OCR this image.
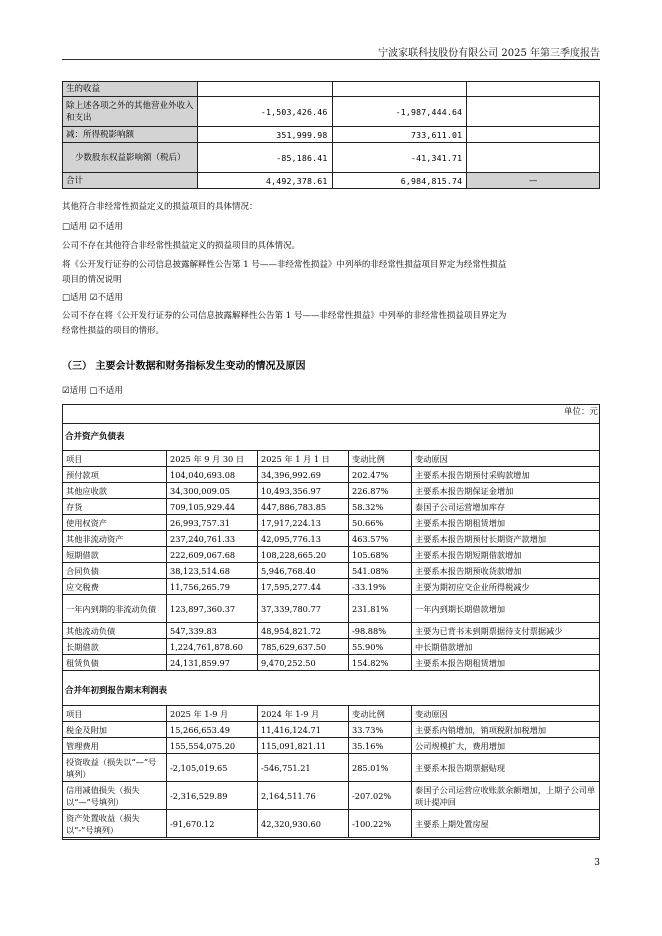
宁波家联科技股份有限公司 2025 年第三季度报告
生的收益			
除上述各项之外的其他营业外收入和支出	-1,503,426.46	-1,987,444.64	
减：所得税影响额	351,999.98	733,611.01	
少数股东权益影响额（税后）	-85,186.41	-41,341.71	
合计	4,492,378.61	6,984,815.74	—
其他符合非经常性损益定义的损益项目的具体情况：
□适用 ☑不适用
公司不存在其他符合非经常性损益定义的损益项目的具体情况。
将《公开发行证券的公司信息披露解释性公告第 1 号——非经常性损益》中列举的非经常性损益项目界定为经常性损益
项目的情况说明
□适用 ☑不适用
公司不存在将《公开发行证券的公司信息披露解释性公告第 1 号——非经常性损益》中列举的非经常性损益项目界定为
经常性损益的项目的情形。
（三） 主要会计数据和财务指标发生变动的情况及原因
☑适用 □不适用
单位：元
合并资产负债表
项目	2025 年 9 月 30 日	2025 年 1 月 1 日	变动比例	变动原因
预付款项	104,040,693.08	34,396,992.69	202.47%	主要系本报告期预付采购款增加
其他应收款	34,300,009.05	10,493,356.97	226.87%	主要系本报告期保证金增加
存货	709,105,929.44	447,886,783.85	58.32%	泰国子公司运营增加库存
使用权资产	26,993,757.31	17,917,224.13	50.66%	主要系本报告期租赁增加
其他非流动资产	237,240,761.33	42,095,776.13	463.57%	主要系本报告期预付长期资产款增加
短期借款	222,609,067.68	108,228,665.20	105.68%	主要系本报告期短期借款增加
合同负债	38,123,514.68	5,946,768.40	541.08%	主要系本报告期预收货款增加
应交税费	11,756,265.79	17,595,277.44	-33.19%	主要为期初应交企业所得税减少
一年内到期的非流动负债	123,897,360.37	37,339,780.77	231.81%	一年内到期长期借款增加
其他流动负债	547,339.83	48,954,821.72	-98.88%	主要为已背书未到期票据待支付票据减少
长期借款	1,224,761,878.60	785,629,637.50	55.90%	中长期借款增加
租赁负债	24,131,859.97	9,470,252.50	154.82%	主要系本报告期租赁增加
合并年初到报告期末利润表
项目	2025 年 1-9 月	2024 年 1-9 月	变动比例	变动原因
税金及附加	15,266,653.49	11,416,124.71	33.73%	主要系内销增加，销项税附加税增加
管理费用	155,554,075.20	115,091,821.11	35.16%	公司规模扩大，费用增加
投资收益（损失以“—”号填列）	-2,105,019.65	-546,751.21	285.01%	主要系本报告期票据贴现
信用减值损失（损失以“—”号填列）	-2,316,529.89	2,164,511.76	-207.02%	泰国子公司运营应收账款余额增加，上期子公司单项计提冲回
资产处置收益（损失以“-”号填列）	-91,670.12	42,320,930.60	-100.22%	主要系上期处置房屋
3
